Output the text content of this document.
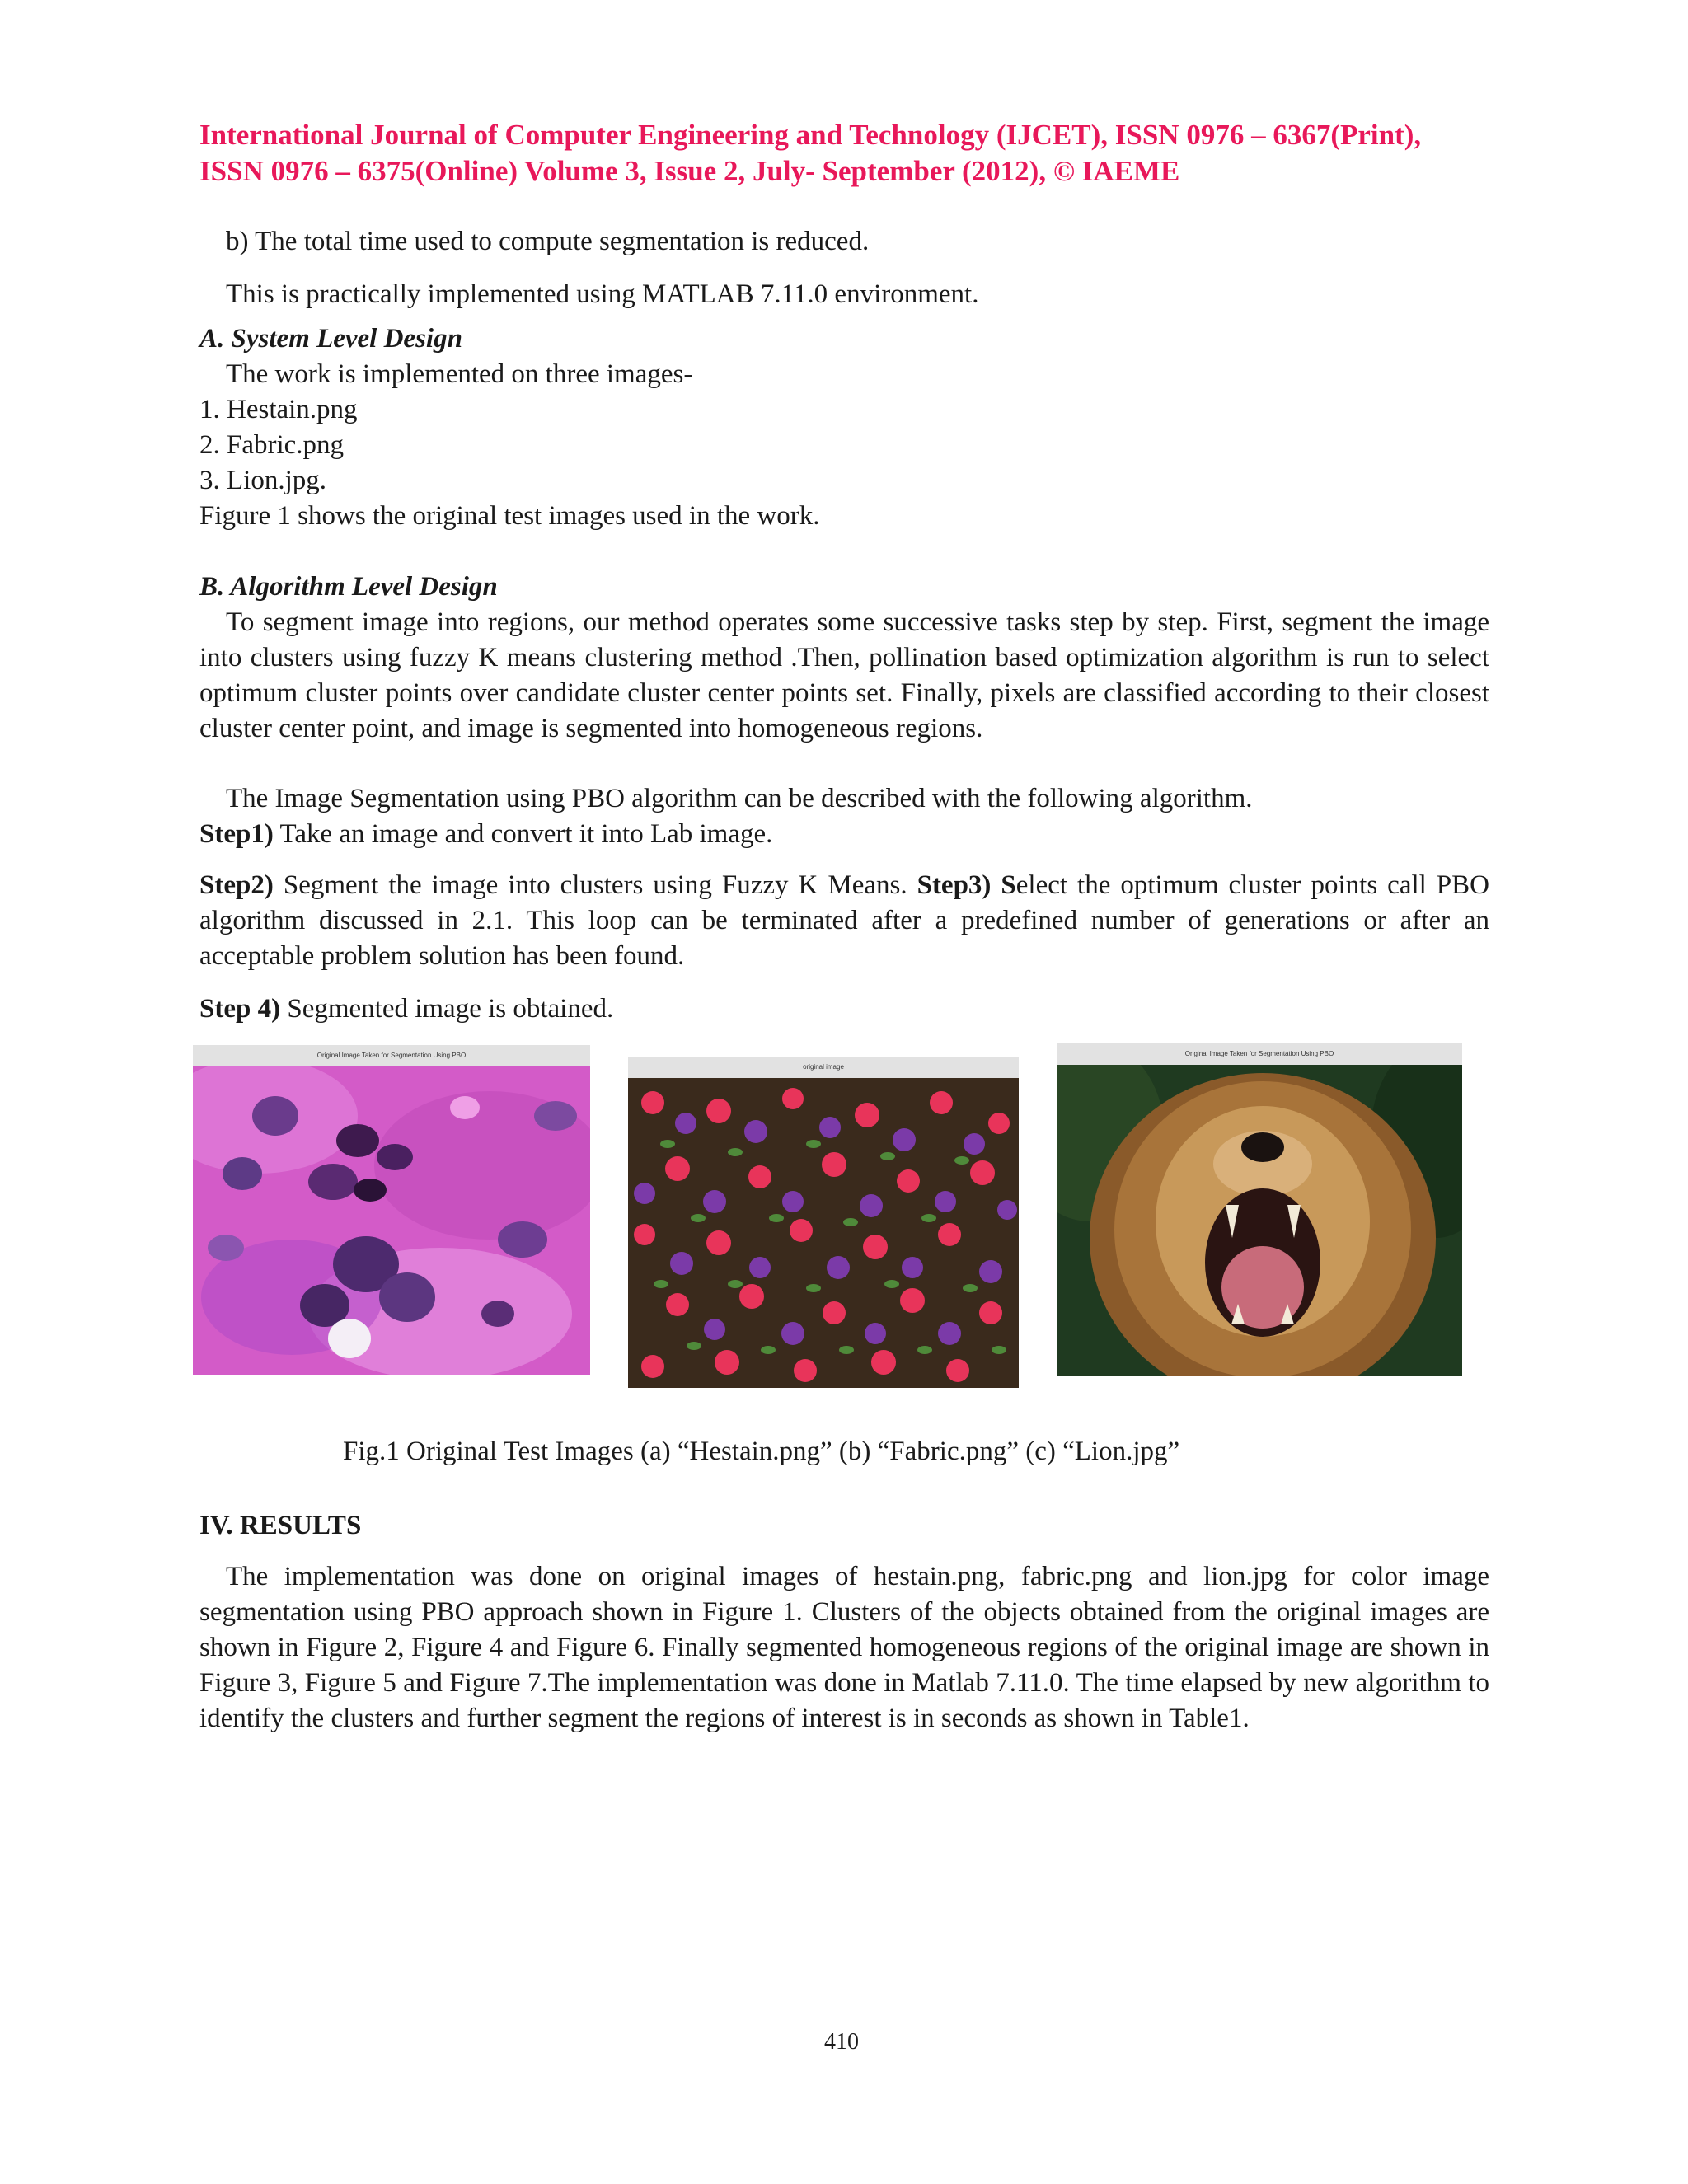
International Journal of Computer Engineering and Technology (IJCET), ISSN 0976 – 6367(Print),
ISSN 0976 – 6375(Online) Volume 3, Issue 2, July- September (2012), © IAEME
b) The total time used to compute segmentation is reduced.
This is practically implemented using MATLAB 7.11.0 environment.
A. System Level Design
The work is implemented on three images-
1. Hestain.png
2. Fabric.png
3. Lion.jpg.
Figure 1 shows the original test images used in the work.
B. Algorithm Level Design
To segment image into regions, our method operates some successive tasks step by step. First, segment the image into clusters using fuzzy K means clustering method .Then, pollination based optimization algorithm is run to select optimum cluster points over candidate cluster center points set. Finally, pixels are classified according to their closest cluster center point, and image is segmented into homogeneous regions.
The Image Segmentation using PBO algorithm can be described with the following algorithm.
Step1) Take an image and convert it into Lab image.
Step2) Segment the image into clusters using Fuzzy K Means. Step3) Select the optimum cluster points call PBO algorithm discussed in 2.1. This loop can be terminated after a predefined number of generations or after an acceptable problem solution has been found.
Step 4) Segmented image is obtained.
Original Image Taken for Segmentation Using PBO
original image
Original Image Taken for Segmentation Using PBO
Fig.1 Original Test Images (a) “Hestain.png” (b) “Fabric.png” (c) “Lion.jpg”
IV. RESULTS
The implementation was done on original images of hestain.png, fabric.png and lion.jpg for color image segmentation using PBO approach shown in Figure 1. Clusters of the objects obtained from the original images are shown in Figure 2, Figure 4 and Figure 6. Finally segmented homogeneous regions of the original image are shown in Figure 3, Figure 5 and Figure 7.The implementation was done in Matlab 7.11.0. The time elapsed by new algorithm to identify the clusters and further segment the regions of interest is in seconds as shown in Table1.
410
